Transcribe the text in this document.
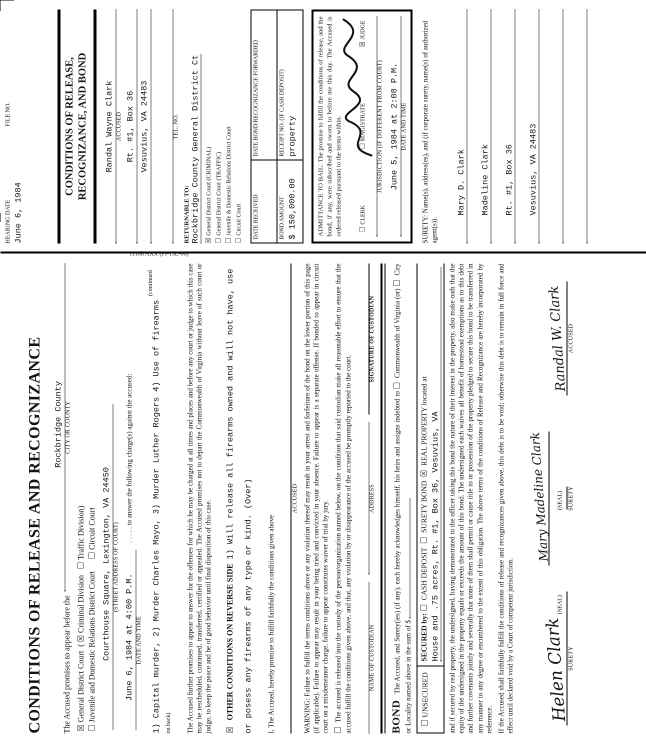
CONDITIONS OF RELEASE AND RECOGNIZANCE The Accused promises to appear before the
Rockbridge County CITY OR COUNTY
☒General District Court  ( ☒Criminal Division   ☐Traffic Division)
☐Juvenile and Domestic Relations District Court      ☐Circuit Court Courthouse Square, Lexington, VA 24450 (STREET ADDRESS OF COURT)
June 6, 1984 at 4:00 P.M. DATE AND TIME
. . . . . to answer the following charge(s) against the accused:	1) Capital murder, 2) Murder Charles Mayo, 3) Murder Luther Rogers 4) Use of firearms $^{(continued on back)}$	The Accused further promises to appear to answer for the offenses for which he may be charged at all times and places and before any court or judge to which this case may be rescheduled, continued, transferred, certified or appealed. The Accused promises not to depart the Commonwealth of Virginia without leave of such court or judge, to keep the peace and be of good behavior until final disposition of this case.	☒ OTHER CONDITIONS ON REVERSE SIDE 1) Will release all firearms owned and will not have, use or posess any firearms of any type or kind. (Over)	I, The Accused, hereby promise to fulfill faithfully the conditions given above
ACCUSED WARNING: Failure to fulfill the terms conditions above or any violation thereof may result in your arrest and forfeiture of the bond on the lower portion of this page (if applicable). Failure to appear may result in your being tried and convicted in your absence. Failure to appear is a separate offense. If bonded to appear in circuit court on a misdemeanor charge, failure to appear constitutes waiver of trial by jury. ☐ The accused is released into the custody of the person/organization named below, on the condition that said custodian make all reasonable effort to ensure that the accused fulfill the conditions given above, and that, any violation by or disappearance of the accused be promptly reported to the court.	NAME OF CUSTODIAN
ADDRESS
SIGNATURE OF CUSTODIAN
BOND The Accused, and Surety(ies) (if any), each hereby acknowledges himself, his heirs and assigns indebted to ☐ Commonwealth of Virginia (or) ☐ City or Locality named above in the sum of $ ☐
UNSECURED
SECURED by: ☐ CASH DEPOSIT  ☐ SURETY BOND  ☒ REAL PROPERTY located at House and .75 acres, Rt. #1, Box 36, Vesuvius, VA and if secured by real property, the undersigned, having demonstrated to the officer taking this bond the nature of their interest in the property, also make oath that the equity of the undersigned in the property equals or exceeds the amount of this bond. The undersigned each waives all benefit of homestead exemptions as to this debt and further covenants jointly and severally that none of them shall permit or cause title to or possession of the property pledged to secure this bond to be transferred in any manner to any degree or encumbered to the extent of this obligation. The above terms of the conditions of Release and Recognizance are hereby incorporated by reference. If the Accused shall faithfully fulfill the conditions of release and recognizances given above, this debt is to be void; otherwise this debt is to remain in full force and effect until declared void by a Court of competent jurisdiction. Helen Clark (SEAL)
SURETY
Mary Madeline Clark (SEAL) SURETY
Randal W. Clark ACCUSED
1110b AXX (PI-13L-06)
HEARING DATE June 6, 1984
FILE NO.
	CONDITIONS OF RELEASE, RECOGNIZANCE, AND BOND Randal Wayne Clark ACCUSED Rt. #1, Box 36 Vesuvius, VA 24483
	TEL. NO.
RETURNABLE TO: Rockbridge County General District Ct ☒General District Court (CRIMINAL)
☐General District Court (TRAFFIC)
☐Juvenile & Domestic Relations District Court
☐Circuit Court	DATE RECEIVED	DATE BOND/RECOGNIZANCE FORWARDED
BOND AMOUNT $ 150,000.00	RECEIPT NO. (IF CASH DEPOSIT) property	ADMITTANCE TO BAIL: The promise to fulfill the conditions of release, and the bond, if any, were subscribed and sworn to before me this day. The Accused is ordered released pursuant to the terms within. ☐CLERK
☐MAGISTRATE
☒JUDGE
JURISDICTION (IF DIFFERENT FROM COURT) June 5, 1984 at 2:08 P.M. DATE AND TIME SURETY: Name(s), address(es), and (if corporate surety, name(s) of authorized agent(s)).
Mary D. Clark Madeline Clark Rt. #1, Box 36 Vesuvius, VA 24483
